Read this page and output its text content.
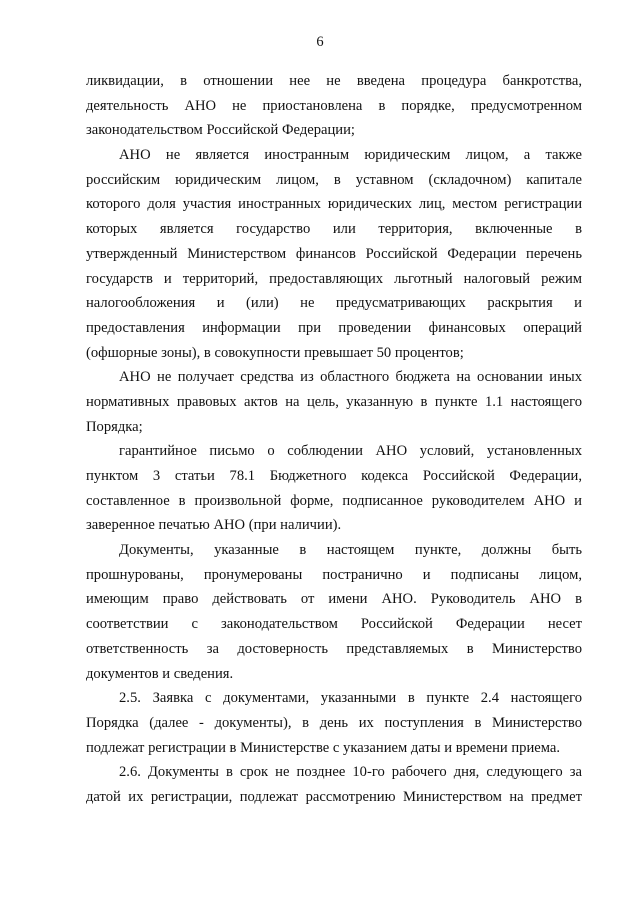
6
ликвидации, в отношении нее не введена процедура банкротства,
деятельность АНО не приостановлена в порядке, предусмотренном
законодательством Российской Федерации;
АНО не является иностранным юридическим лицом, а также
российским юридическим лицом, в уставном (складочном) капитале
которого доля участия иностранных юридических лиц, местом регистрации
которых является государство или территория, включенные в
утвержденный Министерством финансов Российской Федерации перечень
государств и территорий, предоставляющих льготный налоговый режим
налогообложения и (или) не предусматривающих раскрытия и
предоставления информации при проведении финансовых операций
(офшорные зоны), в совокупности превышает 50 процентов;
АНО не получает средства из областного бюджета на основании иных
нормативных правовых актов на цель, указанную в пункте 1.1 настоящего
Порядка;
гарантийное письмо о соблюдении АНО условий, установленных
пунктом 3 статьи 78.1 Бюджетного кодекса Российской Федерации,
составленное в произвольной форме, подписанное руководителем АНО и
заверенное печатью АНО (при наличии).
Документы, указанные в настоящем пункте, должны быть
прошнурованы, пронумерованы постранично и подписаны лицом,
имеющим право действовать от имени АНО. Руководитель АНО в
соответствии с законодательством Российской Федерации несет
ответственность за достоверность представляемых в Министерство
документов и сведения.
2.5. Заявка с документами, указанными в пункте 2.4 настоящего
Порядка (далее - документы), в день их поступления в Министерство
подлежат регистрации в Министерстве с указанием даты и времени приема.
2.6. Документы в срок не позднее 10-го рабочего дня, следующего за
датой их регистрации, подлежат рассмотрению Министерством на предмет
